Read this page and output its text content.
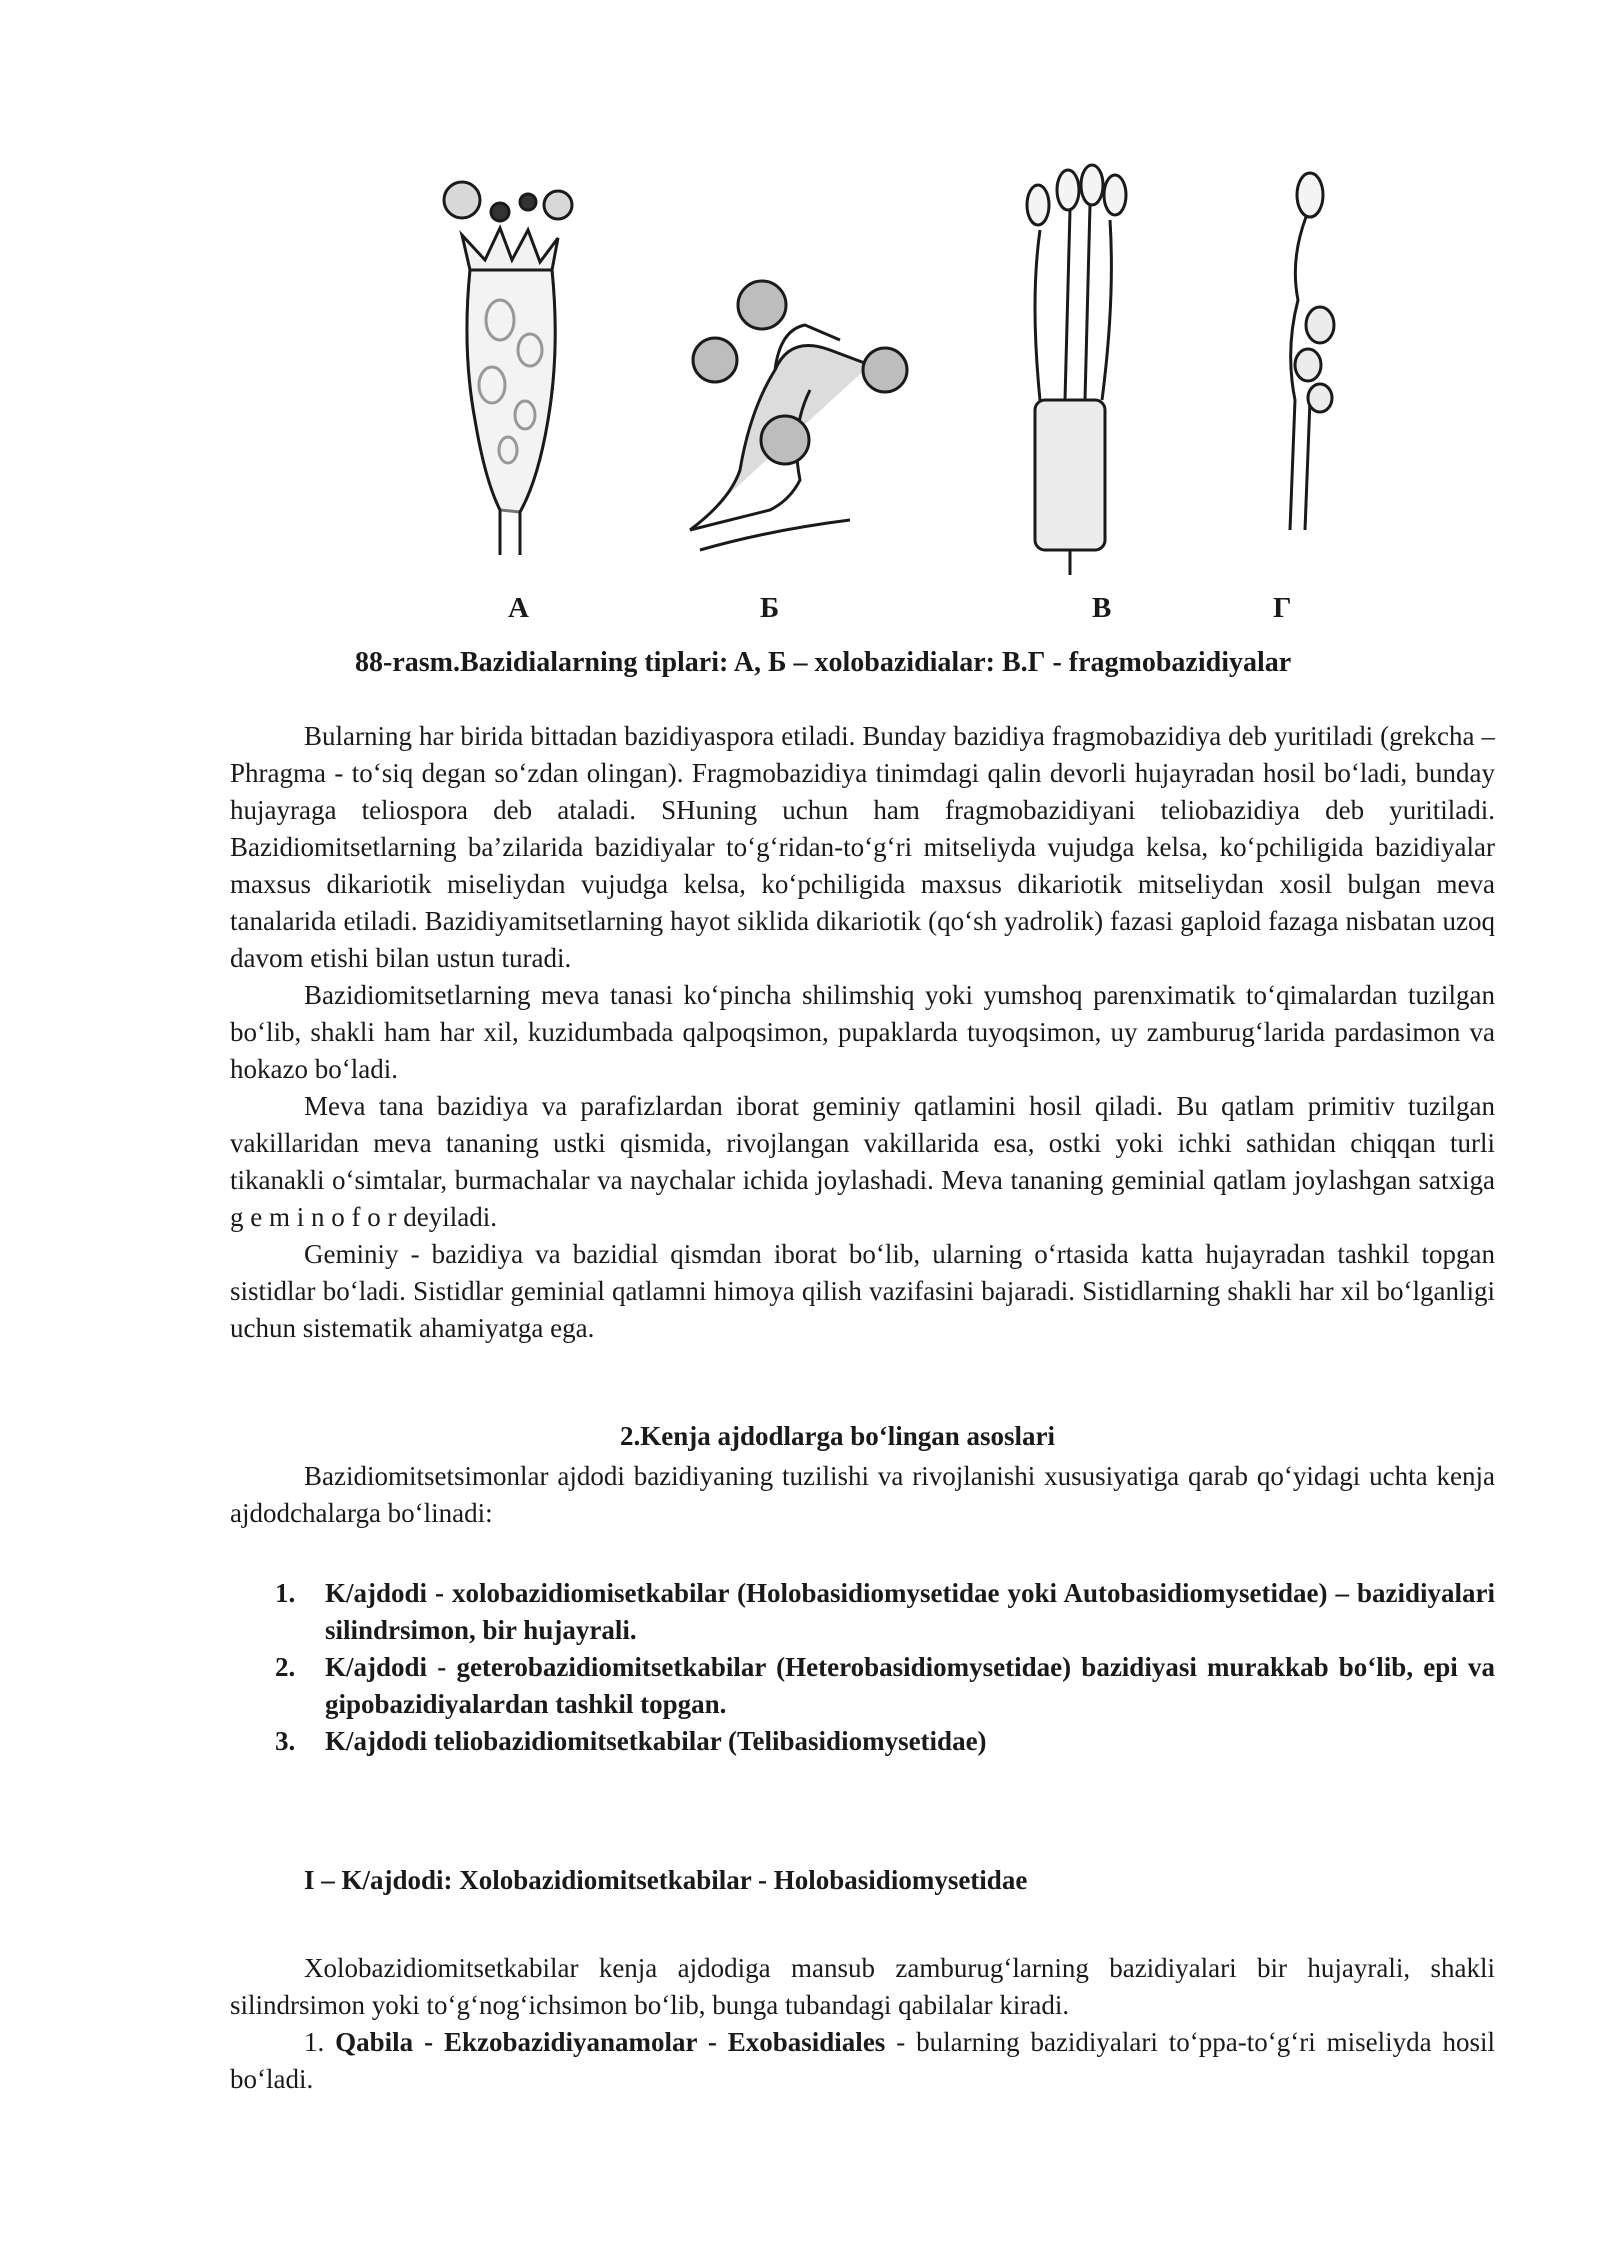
А	Б	В	Г
88-rasm.Bazidialarning tiplari: A, Б – xolobazidialar: B.Г - fragmobazidiyalar

Bularning har birida bittadan bazidiyaspora etiladi. Bunday bazidiya fragmobazidiya deb yuritiladi (grekcha – Phragma - to‘siq degan so‘zdan olingan). Fragmobazidiya tinimdagi qalin devorli hujayradan hosil bo‘ladi, bunday hujayraga teliospora deb ataladi. SHuning uchun ham fragmobazidiyani teliobazidiya deb yuritiladi. Bazidiomitsetlarning ba’zilarida bazidiyalar to‘g‘ridan-to‘g‘ri mitseliyda vujudga kelsa, ko‘pchiligida bazidiyalar maxsus dikariotik miseliydan vujudga kelsa, ko‘pchiligida maxsus dikariotik mitseliydan xosil bulgan meva tanalarida etiladi. Bazidiyamitsetlarning hayot siklida dikariotik (qo‘sh yadrolik) fazasi gaploid fazaga nisbatan uzoq davom etishi bilan ustun turadi.

Bazidiomitsetlarning meva tanasi ko‘pincha shilimshiq yoki yumshoq parenximatik to‘qimalardan tuzilgan bo‘lib, shakli ham har xil, kuzidumbada qalpoqsimon, pupaklarda tuyoqsimon, uy zamburug‘larida pardasimon va hokazo bo‘ladi.

Meva tana bazidiya va parafizlardan iborat geminiy qatlamini hosil qiladi. Bu qatlam primitiv tuzilgan vakillaridan meva tananing ustki qismida, rivojlangan vakillarida esa, ostki yoki ichki sathidan chiqqan turli tikanakli o‘simtalar, burmachalar va naychalar ichida joylashadi. Meva tananing geminial qatlam joylashgan satxiga g e m i n o f o r deyiladi.

Geminiy - bazidiya va bazidial qismdan iborat bo‘lib, ularning o‘rtasida katta hujayradan tashkil topgan sistidlar bo‘ladi. Sistidlar geminial qatlamni himoya qilish vazifasini bajaradi. Sistidlarning shakli har xil bo‘lganligi uchun sistematik ahamiyatga ega.

2.Kenja ajdodlarga bo‘lingan asoslari

Bazidiomitsetsimonlar ajdodi bazidiyaning tuzilishi va rivojlanishi xususiyatiga qarab qo‘yidagi uchta kenja ajdodchalarga bo‘linadi:

1. K/ajdodi - xolobazidiomisetkabilar (Holobasidiomysetidae yoki Autobasidiomysetidae) – bazidiyalari silindrsimon, bir hujayrali.
2. K/ajdodi - geterobazidiomitsetkabilar (Heterobasidiomysetidae) bazidiyasi murakkab bo‘lib, epi va gipobazidiyalardan tashkil topgan.
3. K/ajdodi teliobazidiomitsetkabilar (Telibasidiomysetidae)
I – K/ajdodi: Xolobazidiomitsetkabilar - Holobasidiomysetidae

Xolobazidiomitsetkabilar kenja ajdodiga mansub zamburug‘larning bazidiyalari bir hujayrali, shakli silindrsimon yoki to‘g‘nog‘ichsimon bo‘lib, bunga tubandagi qabilalar kiradi.

1. Qabila - Ekzobazidiyanamolar - Exobasidiales - bularning bazidiyalari to‘ppa-to‘g‘ri miseliyda hosil bo‘ladi.
